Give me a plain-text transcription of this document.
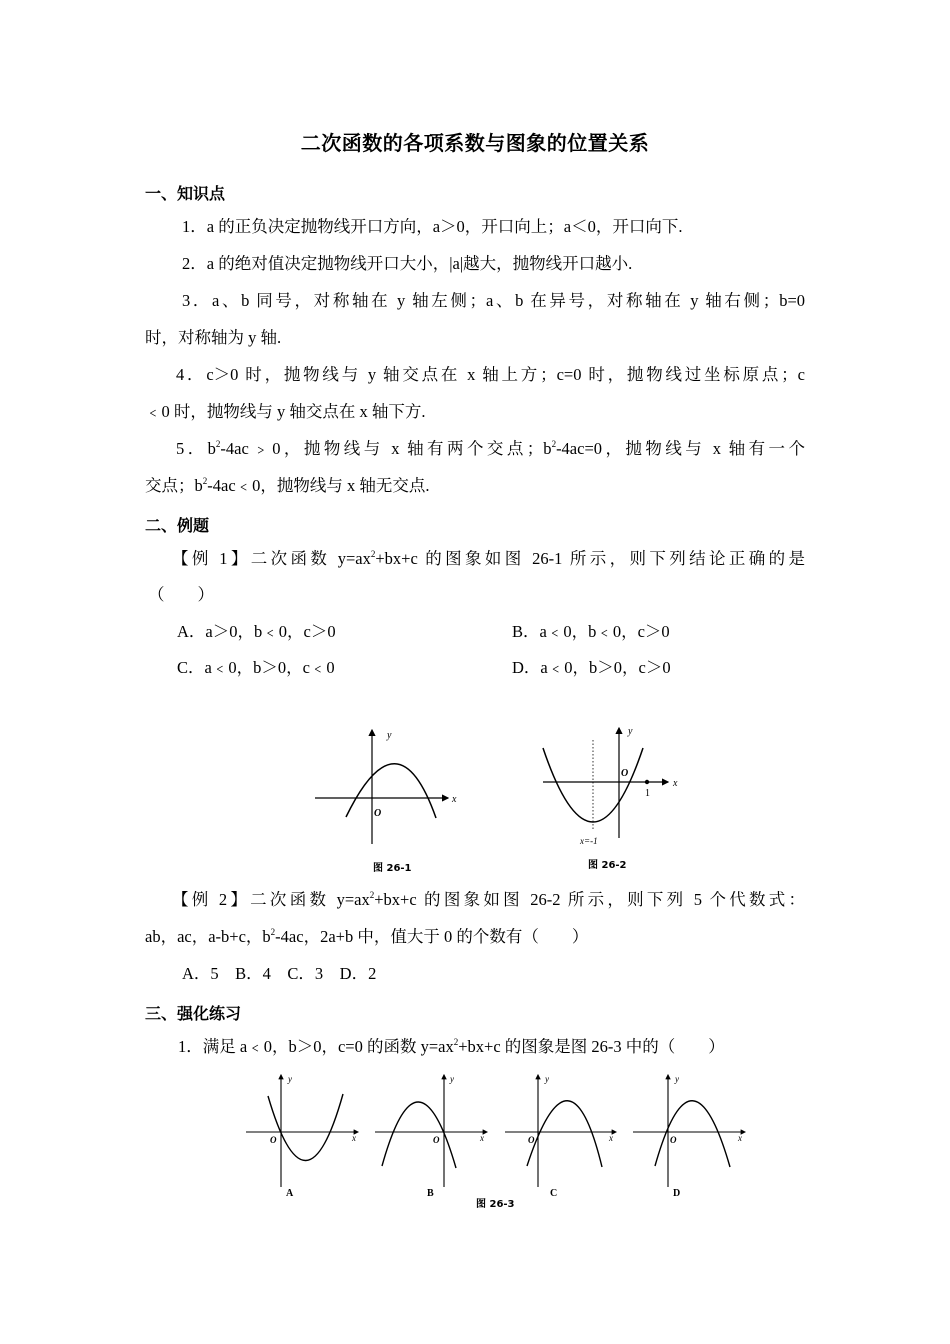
二次函数的各项系数与图象的位置关系
一、知识点
1．a 的正负决定抛物线开口方向，a＞0，开口向上；a＜0，开口向下.
2．a 的绝对值决定抛物线开口大小，|a|越大，抛物线开口越小.
3．a、b 同号，对称轴在 y 轴左侧；a、b 在异号，对称轴在 y 轴右侧；b=0
时，对称轴为 y 轴.
4．c＞0 时，抛物线与 y 轴交点在 x 轴上方；c=0 时，抛物线过坐标原点；c
﹤0 时，抛物线与 y 轴交点在 x 轴下方.
5．$b^2-4ac﹥0$，抛物线与 x 轴有两个交点；$b^2-4ac=0$，抛物线与 x 轴有一个
交点；$b^2-4ac﹤0$，抛物线与 x 轴无交点.
二、例题
【例 1】二次函数 $y=ax^2+bx+c$ 的图象如图 26-1 所示，则下列结论正确的是
（　　）
A．a＞0，b﹤0，c＞0	B．a﹤0，b﹤0，c＞0
C．a﹤0，b＞0，c﹤0	D．a﹤0，b＞0，c＞0
y
x
O
图 26-1
y
x
O
1
x=-1
图 26-2
【例 2】二次函数 $y=ax^2+bx+c$ 的图象如图 26-2 所示，则下列 5 个代数式：
ab，ac，a-b+c，$b^2-4ac$，2a+b 中，值大于 0 的个数有（　　）
A．5　B．4　C．3　D．2
三、强化练习
1．满足 a﹤0，b＞0，c=0 的函数 $y=ax^2+bx+c$ 的图象是图 26-3 中的（　　）
y
x
O
A
y
x
O
B
y
x
O
C
y
x
O
D
图 26-3
